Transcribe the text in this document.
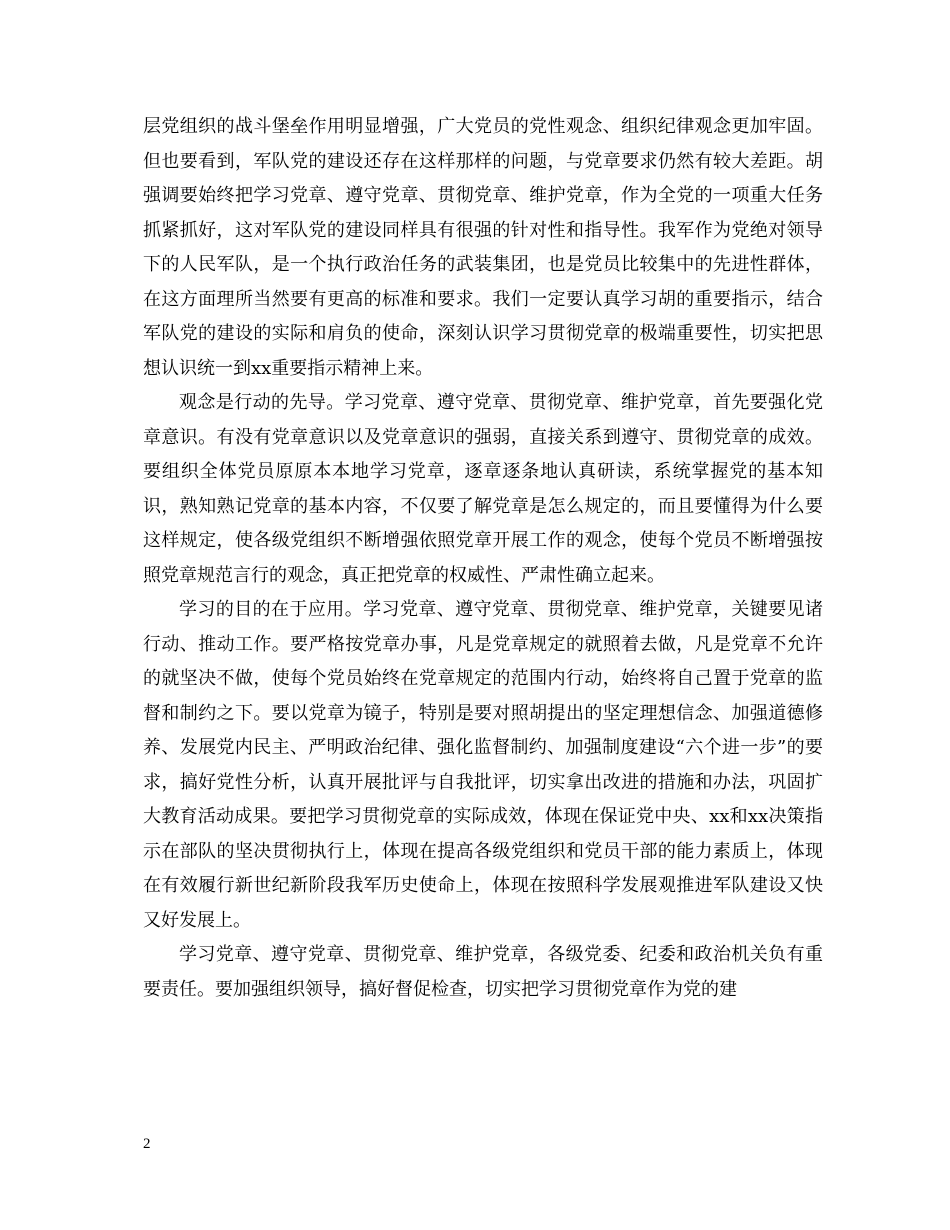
层党组织的战斗堡垒作用明显增强，广大党员的党性观念、组织纪律观念更加牢固。但也要看到，军队党的建设还存在这样那样的问题，与党章要求仍然有较大差距。胡强调要始终把学习党章、遵守党章、贯彻党章、维护党章，作为全党的一项重大任务抓紧抓好，这对军队党的建设同样具有很强的针对性和指导性。我军作为党绝对领导下的人民军队，是一个执行政治任务的武装集团，也是党员比较集中的先进性群体，在这方面理所当然要有更高的标准和要求。我们一定要认真学习胡的重要指示，结合军队党的建设的实际和肩负的使命，深刻认识学习贯彻党章的极端重要性，切实把思想认识统一到xx重要指示精神上来。

观念是行动的先导。学习党章、遵守党章、贯彻党章、维护党章，首先要强化党章意识。有没有党章意识以及党章意识的强弱，直接关系到遵守、贯彻党章的成效。要组织全体党员原原本本地学习党章，逐章逐条地认真研读，系统掌握党的基本知识，熟知熟记党章的基本内容，不仅要了解党章是怎么规定的，而且要懂得为什么要这样规定，使各级党组织不断增强依照党章开展工作的观念，使每个党员不断增强按照党章规范言行的观念，真正把党章的权威性、严肃性确立起来。

学习的目的在于应用。学习党章、遵守党章、贯彻党章、维护党章，关键要见诸行动、推动工作。要严格按党章办事，凡是党章规定的就照着去做，凡是党章不允许的就坚决不做，使每个党员始终在党章规定的范围内行动，始终将自己置于党章的监督和制约之下。要以党章为镜子，特别是要对照胡提出的坚定理想信念、加强道德修养、发展党内民主、严明政治纪律、强化监督制约、加强制度建设“六个进一步”的要求，搞好党性分析，认真开展批评与自我批评，切实拿出改进的措施和办法，巩固扩大教育活动成果。要把学习贯彻党章的实际成效，体现在保证党中央、xx和xx决策指示在部队的坚决贯彻执行上，体现在提高各级党组织和党员干部的能力素质上，体现在有效履行新世纪新阶段我军历史使命上，体现在按照科学发展观推进军队建设又快又好发展上。

学习党章、遵守党章、贯彻党章、维护党章，各级党委、纪委和政治机关负有重要责任。要加强组织领导，搞好督促检查，切实把学习贯彻党章作为党的建

2
